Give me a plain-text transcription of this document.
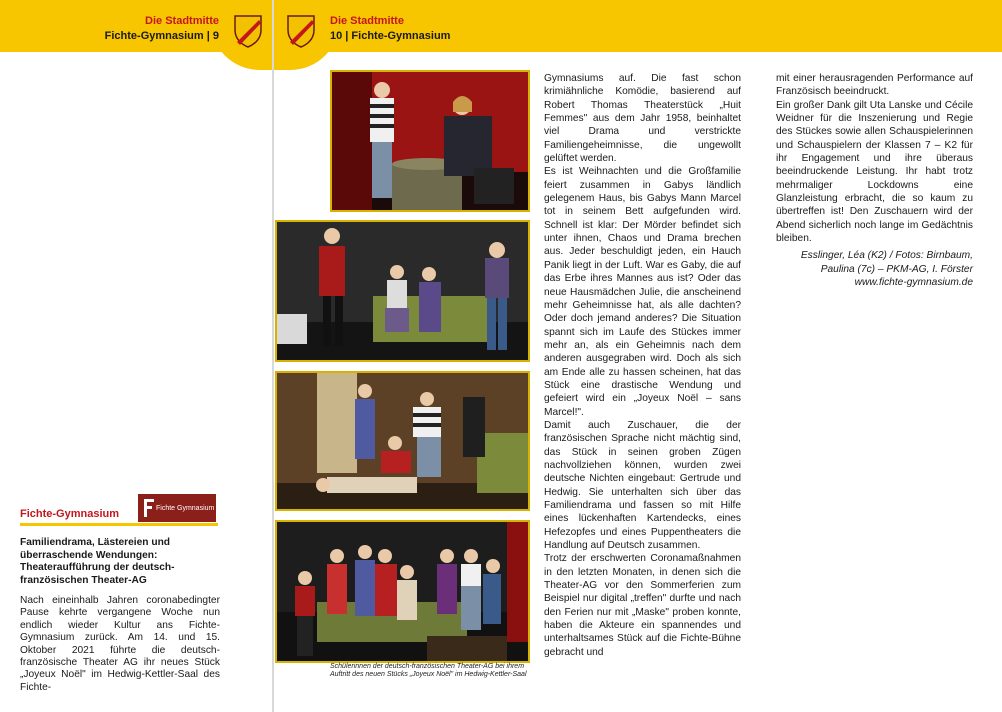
Die Stadtmitte
Fichte-Gymnasium | 9
Die Stadtmitte
10 | Fichte-Gymnasium
Fichte-Gymnasium	Fichte Gymnasium
Familiendrama, Lästereien und überraschende Wendungen: Theateraufführung der deutsch-französischen Theater-AG
Nach eineinhalb Jahren coronabedingter Pause kehrte vergangene Woche nun endlich wieder Kultur ans Fichte-Gymnasium zurück. Am 14. und 15. Oktober 2021 führte die deutsch-französische Theater AG ihr neues Stück „Joyeux Noël" im Hedwig-Kettler-Saal des Fichte-
Schülerinnen der deutsch-französischen Theater-AG bei ihrem Auftritt des neuen Stücks „Joyeux Noël" im Hedwig-Kettler-Saal

Gymnasiums auf. Die fast schon krimiähnliche Komödie, basierend auf Robert Thomas Theaterstück „Huit Femmes" aus dem Jahr 1958, beinhaltet viel Drama und verstrickte Familiengeheimnisse, die ungewollt gelüftet werden.

Es ist Weihnachten und die Großfamilie feiert zusammen in Gabys ländlich gelegenem Haus, bis Gabys Mann Marcel tot in seinem Bett aufgefunden wird. Schnell ist klar: Der Mörder befindet sich unter ihnen, Chaos und Drama brechen aus. Jeder beschuldigt jeden, ein Hauch Panik liegt in der Luft. War es Gaby, die auf das Erbe ihres Mannes aus ist? Oder das neue Hausmädchen Julie, die anscheinend mehr Geheimnisse hat, als alle dachten? Oder doch jemand anderes? Die Situation spannt sich im Laufe des Stückes immer mehr an, als ein Geheimnis nach dem anderen ausgegraben wird. Doch als sich am Ende alle zu hassen scheinen, hat das Stück eine drastische Wendung und gefeiert wird ein „Joyeux Noël – sans Marcel!".

Damit auch Zuschauer, die der französischen Sprache nicht mächtig sind, das Stück in seinen groben Zügen nachvollziehen können, wurden zwei deutsche Nichten eingebaut: Gertrude und Hedwig. Sie unterhalten sich über das Familiendrama und fassen so mit Hilfe eines lückenhaften Kartendecks, eines Hefezopfes und eines Puppentheaters die Handlung auf Deutsch zusammen.

Trotz der erschwerten Coronamaßnahmen in den letzten Monaten, in denen sich die Theater-AG vor den Sommerferien zum Beispiel nur digital „treffen" durfte und nach den Ferien nur mit „Maske" proben konnte, haben die Akteure ein spannendes und unterhaltsames Stück auf die Fichte-Bühne gebracht und

mit einer herausragenden Performance auf Französisch beeindruckt.

Ein großer Dank gilt Uta Lanske und Cécile Weidner für die Inszenierung und Regie des Stückes sowie allen Schauspielerinnen und Schauspielern der Klassen 7 – K2 für ihr Engagement und ihre überaus beeindruckende Leistung. Ihr habt trotz mehrmaliger Lockdowns eine Glanzleistung erbracht, die so kaum zu übertreffen ist! Den Zuschauern wird der Abend sicherlich noch lange im Gedächtnis bleiben.

Esslinger, Léa (K2) / Fotos: Birnbaum,
Paulina (7c) – PKM-AG, I. Förster
www.fichte-gymnasium.de
